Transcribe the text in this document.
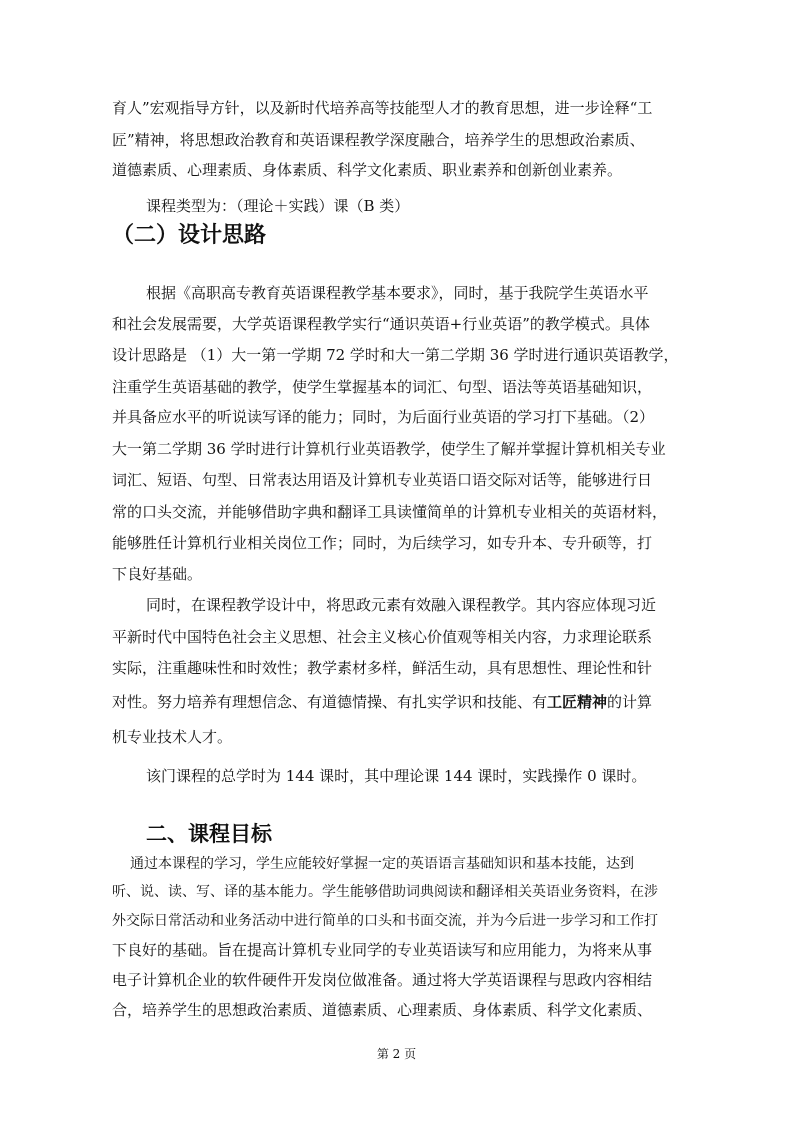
育人”宏观指导方针，以及新时代培养高等技能型人才的教育思想，进一步诠释“工
匠”精神，将思想政治教育和英语课程教学深度融合，培养学生的思想政治素质、
道德素质、心理素质、身体素质、科学文化素质、职业素养和创新创业素养。
课程类型为：（理论＋实践）课（B 类）
（二）设计思路
根据《高职高专教育英语课程教学基本要求》，同时，基于我院学生英语水平
和社会发展需要，大学英语课程教学实行“通识英语+行业英语”的教学模式。具体
设计思路是 （1）大一第一学期 72 学时和大一第二学期 36 学时进行通识英语教学，
注重学生英语基础的教学，使学生掌握基本的词汇、句型、语法等英语基础知识，
并具备应水平的听说读写译的能力；同时，为后面行业英语的学习打下基础。（2）
大一第二学期 36 学时进行计算机行业英语教学，使学生了解并掌握计算机相关专业
词汇、短语、句型、日常表达用语及计算机专业英语口语交际对话等，能够进行日
常的口头交流，并能够借助字典和翻译工具读懂简单的计算机专业相关的英语材料，
能够胜任计算机行业相关岗位工作；同时，为后续学习，如专升本、专升硕等，打
下良好基础。
同时，在课程教学设计中，将思政元素有效融入课程教学。其内容应体现习近
平新时代中国特色社会主义思想、社会主义核心价值观等相关内容，力求理论联系
实际，注重趣味性和时效性；教学素材多样，鲜活生动，具有思想性、理论性和针
对性。努力培养有理想信念、有道德情操、有扎实学识和技能、有工匠精神的计算
机专业技术人才。
该门课程的总学时为 144 课时，其中理论课 144 课时，实践操作 0 课时。
二、课程目标
通过本课程的学习，学生应能较好掌握一定的英语语言基础知识和基本技能，达到
听、说、读、写、译的基本能力。学生能够借助词典阅读和翻译相关英语业务资料，在涉
外交际日常活动和业务活动中进行简单的口头和书面交流，并为今后进一步学习和工作打
下良好的基础。旨在提高计算机专业同学的专业英语读写和应用能力，为将来从事
电子计算机企业的软件硬件开发岗位做准备。通过将大学英语课程与思政内容相结
合，培养学生的思想政治素质、道德素质、心理素质、身体素质、科学文化素质、
第 2 页
